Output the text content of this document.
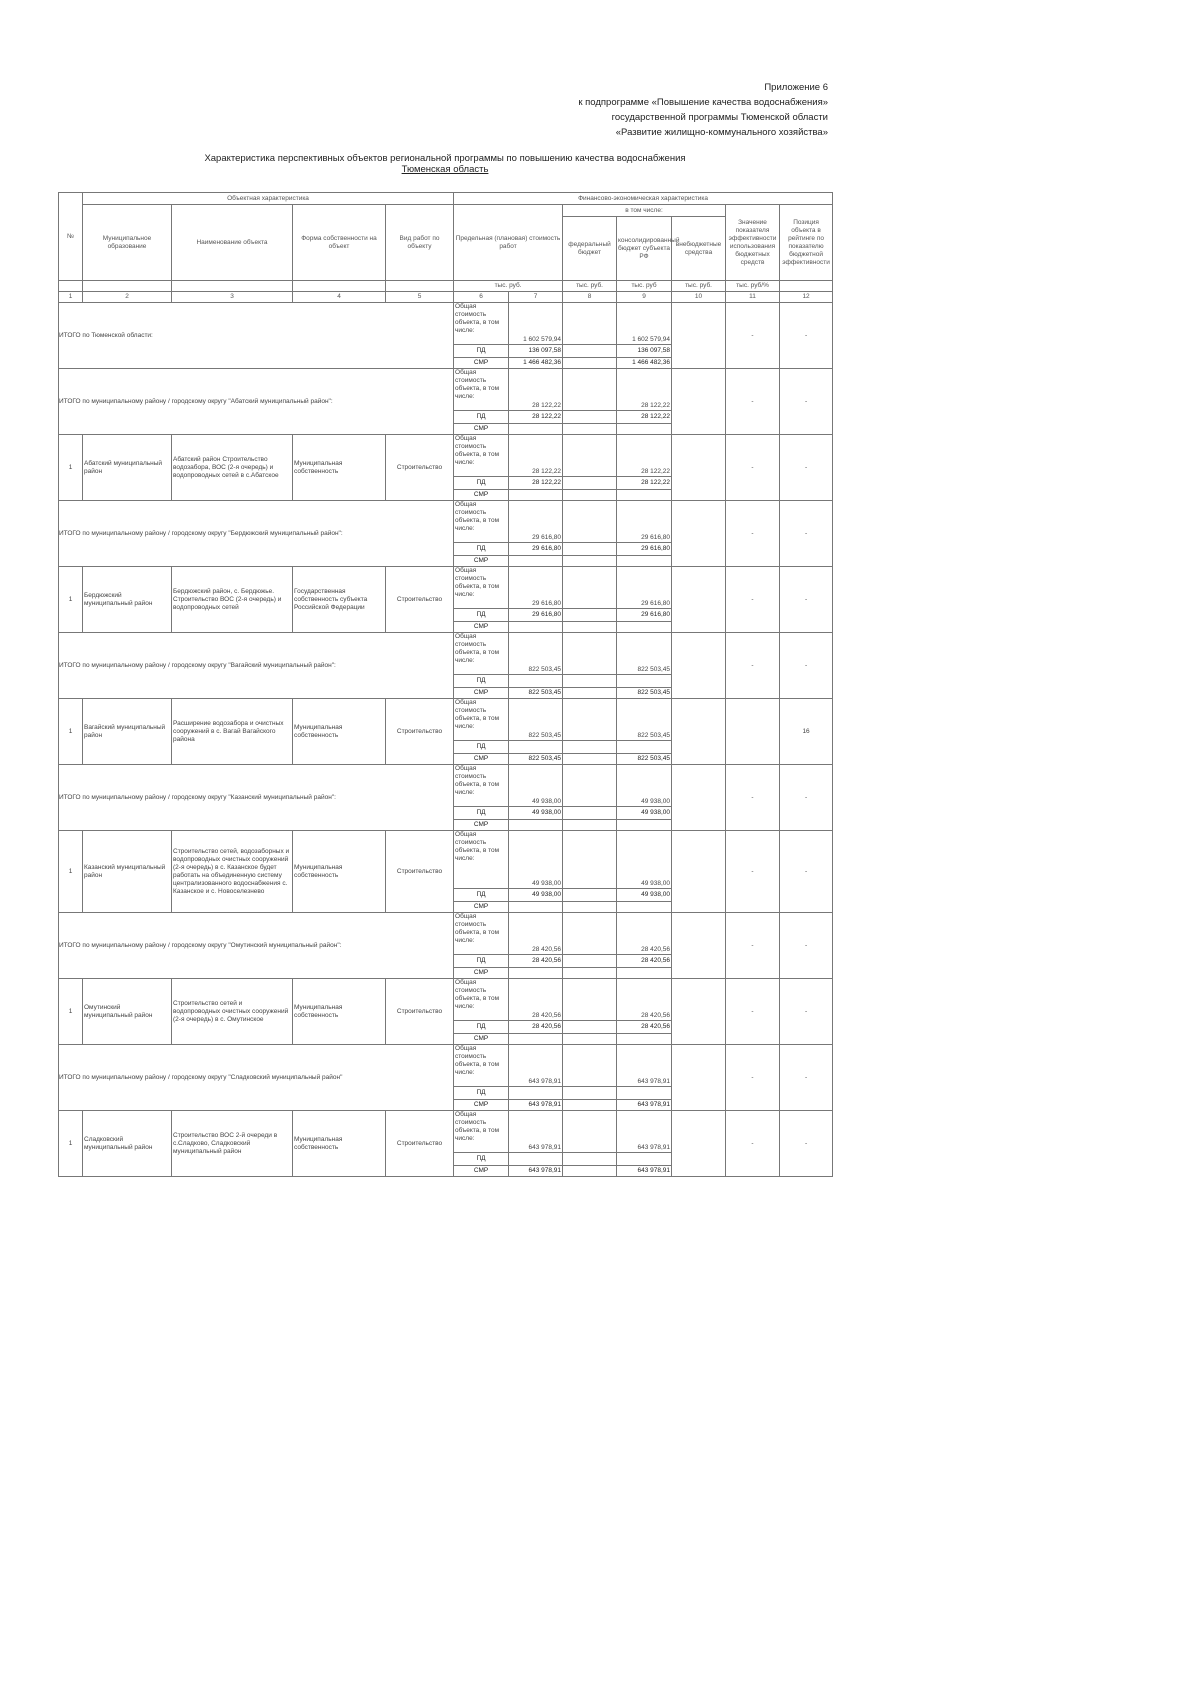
Приложение 6
к подпрограмме «Повышение качества водоснабжения»
государственной программы Тюменской области
«Развитие жилищно-коммунального хозяйства»
Характеристика перспективных объектов региональной программы по повышению качества водоснабжения
Тюменская область
№	Объектная характеристика				Финансово-экономическая характеристика						
	Муниципальное образование	Наименование объекта	Форма собственности на объект	Вид работ по объекту	Предельная (плановая) стоимость работ		в том числе:			Значение показателя эффективности использования бюджетных средств	Позиция объекта в рейтинге по показателю бюджетной эффективности
							федеральный бюджет	консолидированный бюджет субъекта РФ	внебюджетные средства		
					тыс. руб.		тыс. руб.	тыс. руб	тыс. руб.	тыс. руб/%	
1	2	3	4	5	6	7	8	9	10	11	12
ИТОГО по Тюменской области:					Общая стоимость объекта, в том числе:	1 602 579,94		1 602 579,94		-	-
					ПД	136 097,58		136 097,58			
					СМР	1 466 482,36		1 466 482,36			
ИТОГО по муниципальному району / городскому округу "Абатский муниципальный район":					Общая стоимость объекта, в том числе:	28 122,22		28 122,22		-	-
					ПД	28 122,22		28 122,22			
					СМР						
1	Абатский муниципальный район	Абатский район Строительство водозабора, ВОС (2-я очередь) и водопроводных сетей в с.Абатское	Муниципальная собственность	Строительство	Общая стоимость объекта, в том числе:	28 122,22		28 122,22		-	-
					ПД	28 122,22		28 122,22			
					СМР						
ИТОГО по муниципальному району / городскому округу "Бердюжский муниципальный район":					Общая стоимость объекта, в том числе:	29 616,80		29 616,80		-	-
					ПД	29 616,80		29 616,80			
					СМР						
1	Бердюжский муниципальный район	Бердюжский район, с. Бердюжье. Строительство ВОС (2-я очередь) и водопроводных сетей	Государственная собственность субъекта Российской Федерации	Строительство	Общая стоимость объекта, в том числе:	29 616,80		29 616,80		-	-
					ПД	29 616,80		29 616,80			
					СМР						
ИТОГО по муниципальному району / городскому округу "Вагайский муниципальный район":					Общая стоимость объекта, в том числе:	822 503,45		822 503,45		-	-
					ПД						
					СМР	822 503,45		822 503,45			
1	Вагайский муниципальный район	Расширение водозабора и очистных сооружений в с. Вагай Вагайского района	Муниципальная собственность	Строительство	Общая стоимость объекта, в том числе:	822 503,45		822 503,45			16
					ПД						
					СМР	822 503,45		822 503,45			
ИТОГО по муниципальному району / городскому округу "Казанский муниципальный район":					Общая стоимость объекта, в том числе:	49 938,00		49 938,00		-	-
					ПД	49 938,00		49 938,00			
					СМР						
1	Казанский муниципальный район	Строительство сетей, водозаборных и водопроводных очистных сооружений (2-я очередь) в с. Казанское будет работать на объединенную систему централизованного водоснабжения с. Казанское и с. Новоселезнево	Муниципальная собственность	Строительство	Общая стоимость объекта, в том числе:	49 938,00		49 938,00		-	-
					ПД	49 938,00		49 938,00			
					СМР						
ИТОГО по муниципальному району / городскому округу "Омутинский муниципальный район":					Общая стоимость объекта, в том числе:	28 420,56		28 420,56		-	-
					ПД	28 420,56		28 420,56			
					СМР						
1	Омутинский муниципальный район	Строительство сетей и водопроводных очистных сооружений (2-я очередь) в с. Омутинское	Муниципальная собственность	Строительство	Общая стоимость объекта, в том числе:	28 420,56		28 420,56		-	-
					ПД	28 420,56		28 420,56			
					СМР						
ИТОГО по муниципальному району / городскому округу "Сладковский муниципальный район"					Общая стоимость объекта, в том числе:	643 978,91		643 978,91		-	-
					ПД						
					СМР	643 978,91		643 978,91			
1	Сладковский муниципальный район	Строительство ВОС 2-й очереди в с.Сладково, Сладковский муниципальный район	Муниципальная собственность	Строительство	Общая стоимость объекта, в том числе:	643 978,91		643 978,91		-	-
					ПД						
					СМР	643 978,91		643 978,91			
